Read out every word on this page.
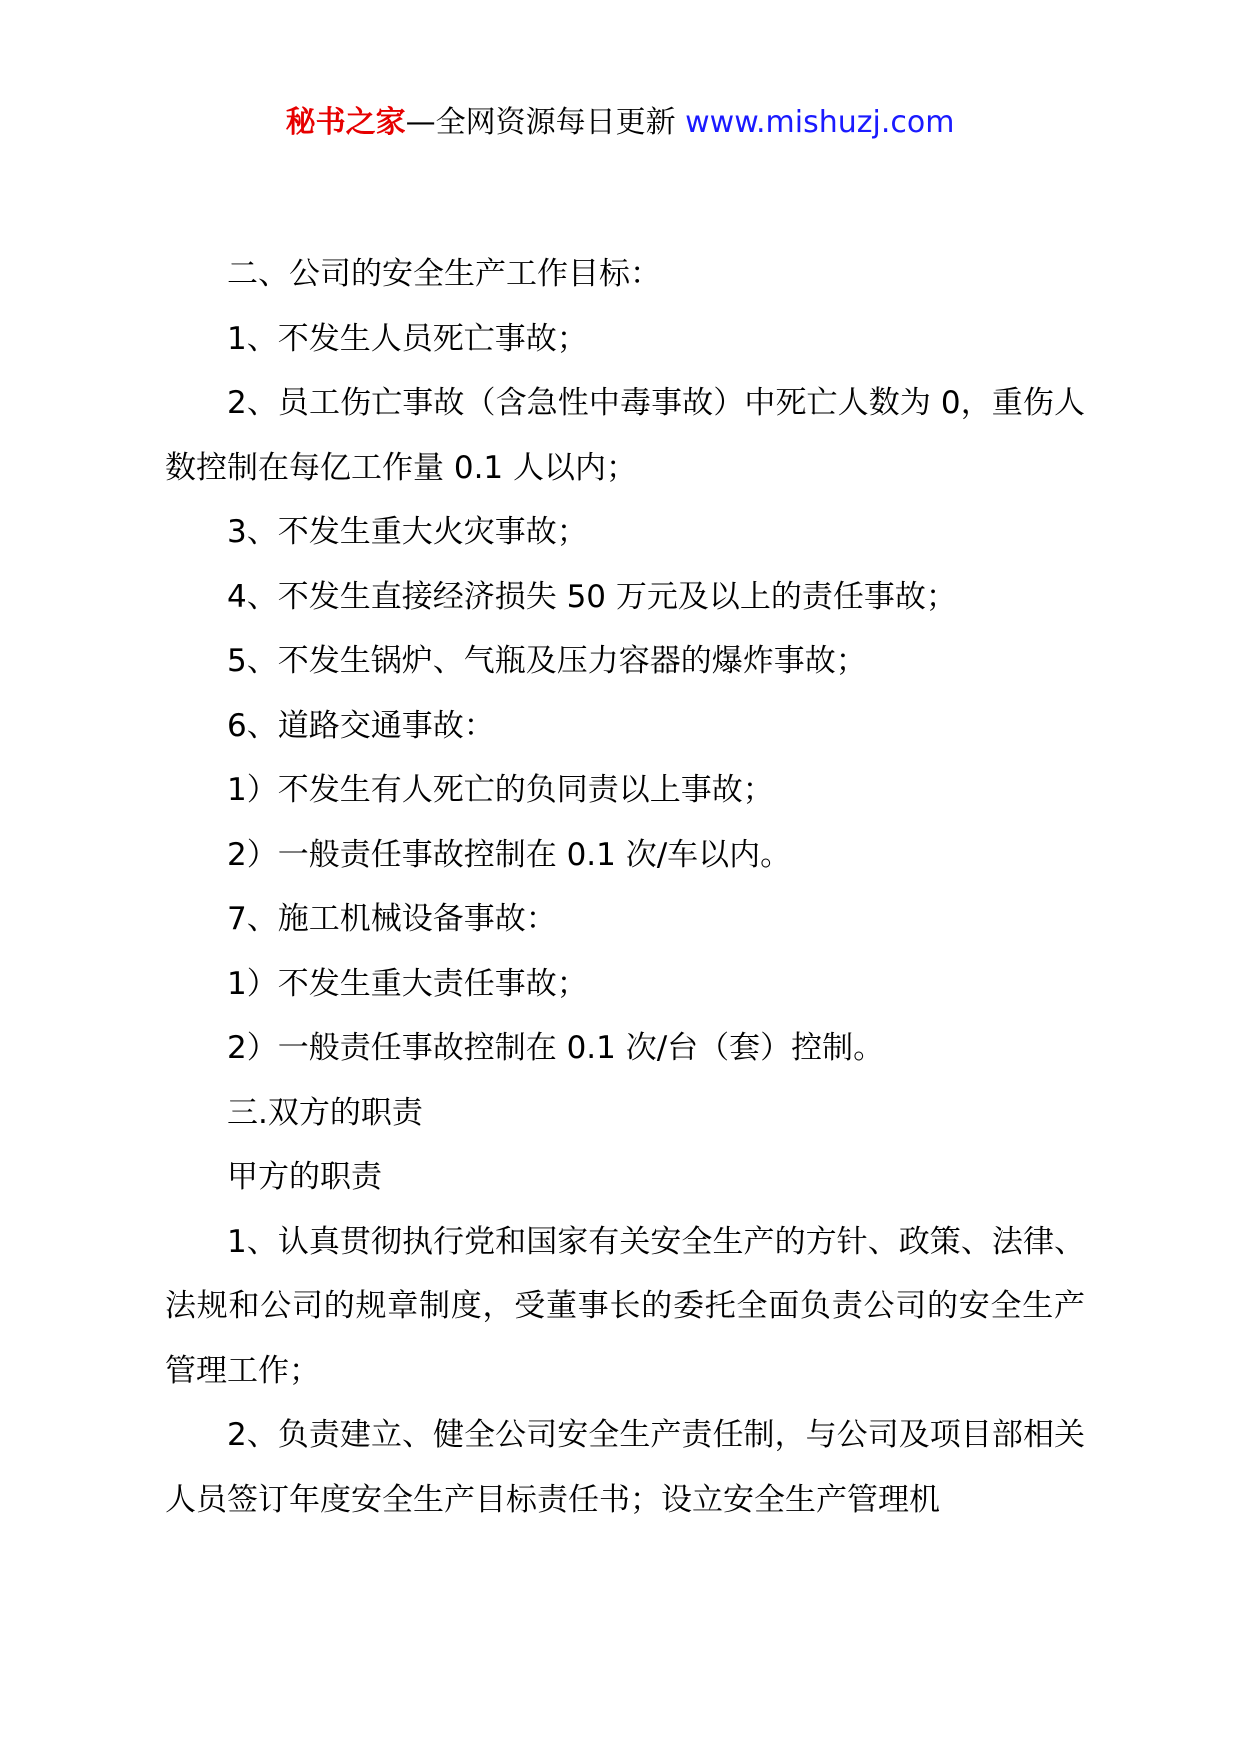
秘书之家—全网资源每日更新 www.mishuzj.com

二、公司的安全生产工作目标：

1、不发生人员死亡事故；

2、员工伤亡事故（含急性中毒事故）中死亡人数为 0，重伤人数控制在每亿工作量 0.1 人以内；

3、不发生重大火灾事故；

4、不发生直接经济损失 50 万元及以上的责任事故；

5、不发生锅炉、气瓶及压力容器的爆炸事故；

6、道路交通事故：

1）不发生有人死亡的负同责以上事故；

2）一般责任事故控制在 0.1 次/车以内。

7、施工机械设备事故：

1）不发生重大责任事故；

2）一般责任事故控制在 0.1 次/台（套）控制。

三.双方的职责

甲方的职责

1、认真贯彻执行党和国家有关安全生产的方针、政策、法律、法规和公司的规章制度，受董事长的委托全面负责公司的安全生产管理工作；

2、负责建立、健全公司安全生产责任制，与公司及项目部相关人员签订年度安全生产目标责任书；设立安全生产管理机
